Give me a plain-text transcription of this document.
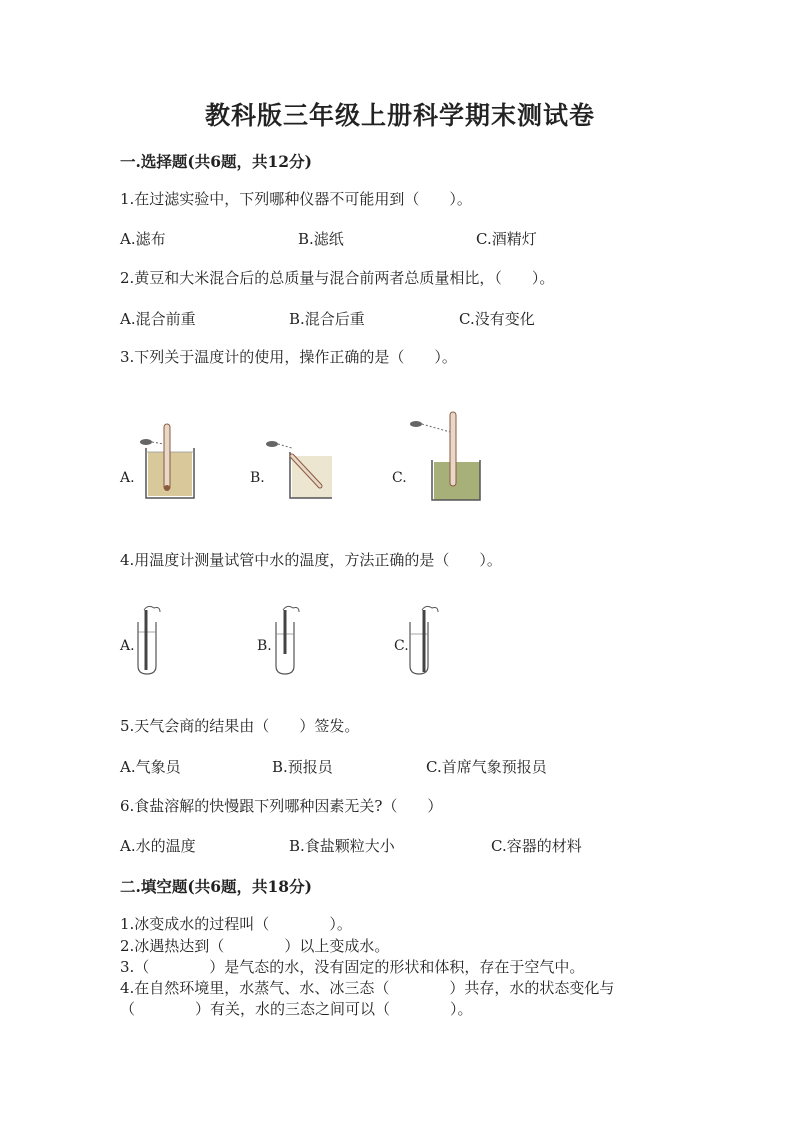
教科版三年级上册科学期末测试卷
一.选择题(共6题，共12分)
1.在过滤实验中，下列哪种仪器不可能用到（　　）。
A.滤布	B.滤纸	C.酒精灯
2.黄豆和大米混合后的总质量与混合前两者总质量相比，（　　）。
A.混合前重	B.混合后重	C.没有变化
3.下列关于温度计的使用，操作正确的是（　　）。
A.	B.	C.
4.用温度计测量试管中水的温度，方法正确的是（　　）。
A.	B.	C.
5.天气会商的结果由（　　）签发。
A.气象员	B.预报员	C.首席气象预报员
6.食盐溶解的快慢跟下列哪种因素无关?（　　）
A.水的温度	B.食盐颗粒大小	C.容器的材料
二.填空题(共6题，共18分)
1.冰变成水的过程叫（　　　　）。
2.冰遇热达到（　　　　）以上变成水。
3.（　　　　）是气态的水，没有固定的形状和体积，存在于空气中。
4.在自然环境里，水蒸气、水、冰三态（　　　　）共存，水的状态变化与
（　　　　）有关，水的三态之间可以（　　　　）。
